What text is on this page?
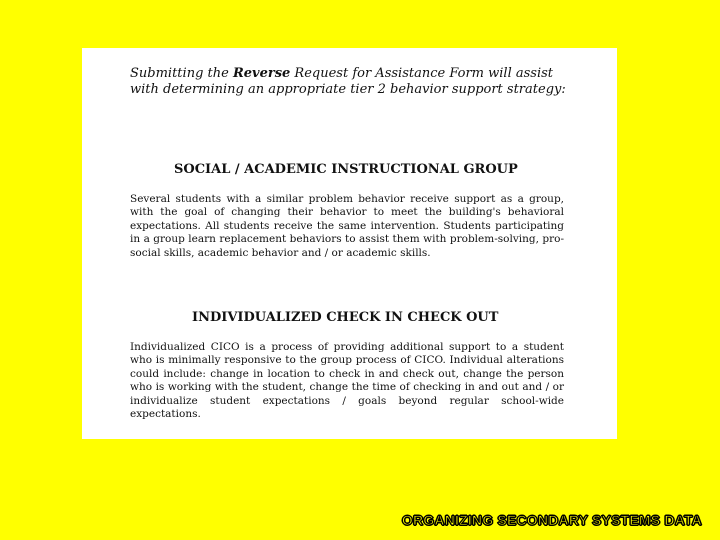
Submitting the Reverse Request for Assistance Form will assist with determining an appropriate tier 2 behavior support strategy:

SOCIAL / ACADEMIC INSTRUCTIONAL GROUP

Several students with a similar problem behavior receive support as a group, with the goal of changing their behavior to meet the building's behavioral expectations. All students receive the same intervention. Students participating in a group learn replacement behaviors to assist them with problem-solving, pro-social skills, academic behavior and / or academic skills.

INDIVIDUALIZED CHECK IN CHECK OUT

Individualized CICO is a process of providing additional support to a student who is minimally responsive to the group process of CICO. Individual alterations could include: change in location to check in and check out, change the person who is working with the student, change the time of checking in and out and / or individualize student expectations / goals beyond regular school-wide expectations.

ORGANIZING SECONDARY SYSTEMS DATA
